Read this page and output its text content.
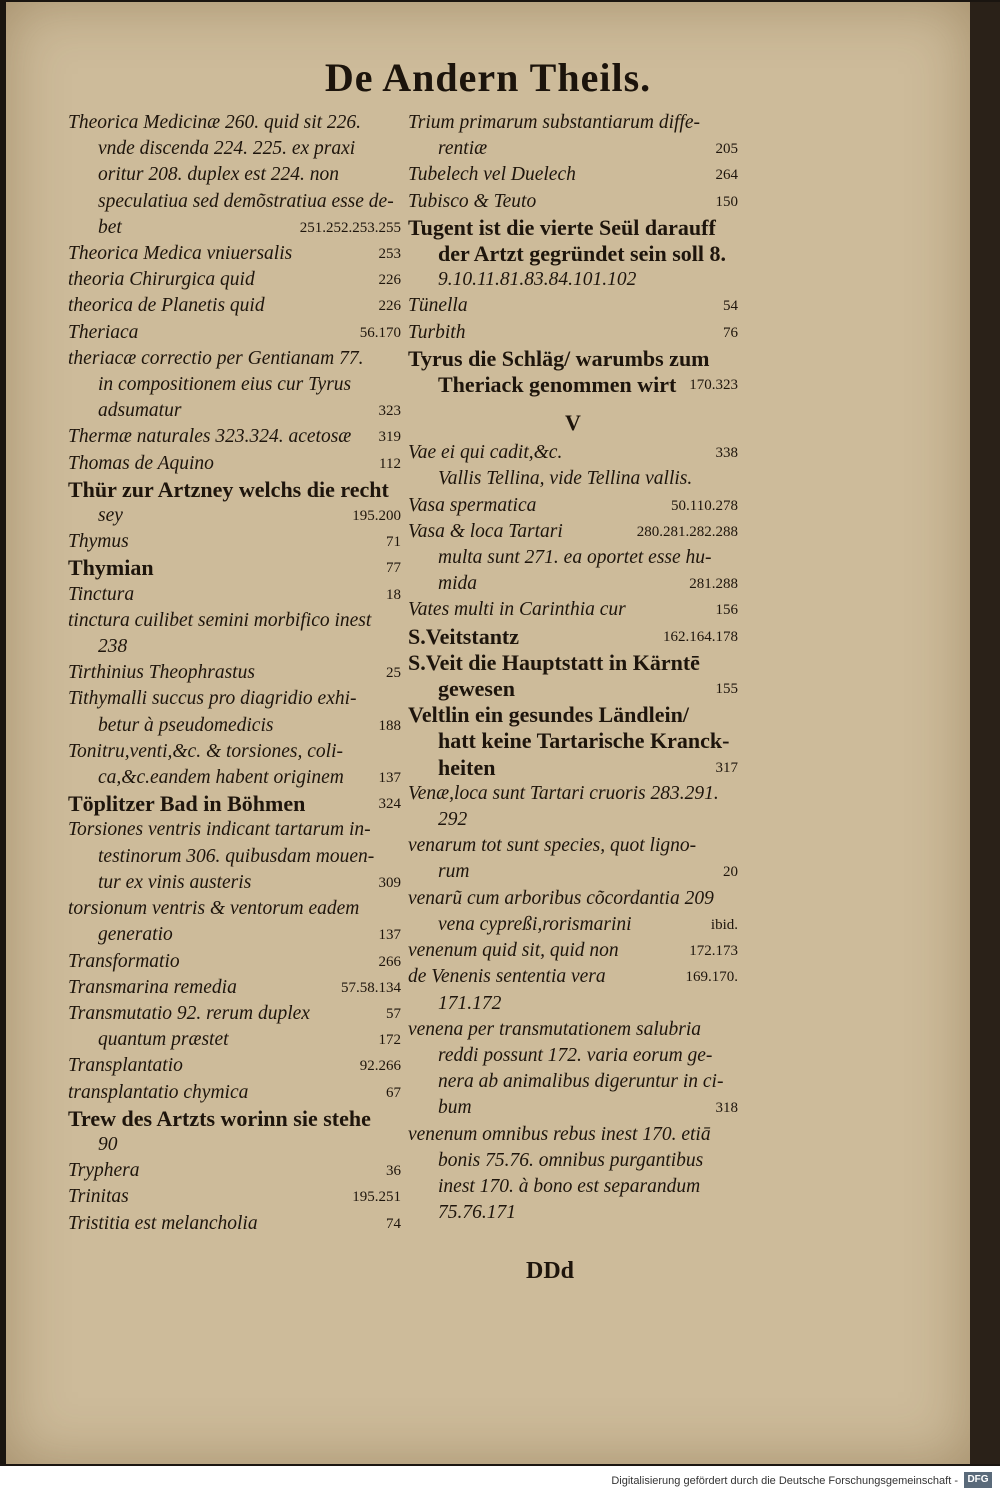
De Andern Theils.
Theorica Medicinæ 260. quid sit 226.
vnde discenda 224. 225. ex praxi
oritur 208. duplex est 224. non
speculatiua sed demõstratiua esse de-
bet	251.252.253.255
Theorica Medica vniuersalis	253
theoria Chirurgica quid	226
theorica de Planetis quid	226
Theriaca	56.170
theriacæ correctio per Gentianam 77.
in compositionem eius cur Tyrus
adsumatur	323
Thermæ naturales 323.324. acetosæ	319
Thomas de Aquino	112
Thür zur Artzney welchs die recht
sey	195.200
Thymus	71
Thymian	77
Tinctura	18
tinctura cuilibet semini morbifico inest
238
Tirthinius Theophrastus	25
Tithymalli succus pro diagridio exhi-
betur à pseudomedicis	188
Tonitru,venti,&c. & torsiones, coli-
ca,&c.eandem habent originem	137
Töplitzer Bad in Böhmen	324
Torsiones ventris indicant tartarum in-
testinorum 306. quibusdam mouen-
tur ex vinis austeris	309
torsionum ventris & ventorum eadem
generatio	137
Transformatio	266
Transmarina remedia	57.58.134
Transmutatio 92. rerum duplex	57
quantum præstet	172
Transplantatio	92.266
transplantatio chymica	67
Trew des Artzts worinn sie stehe
90
Tryphera	36
Trinitas	195.251
Tristitia est melancholia	74
Trium primarum substantiarum diffe-
rentiæ	205
Tubelech vel Duelech	264
Tubisco & Teuto	150
Tugent ist die vierte Seül darauff
der Artzt gegründet sein soll 8.
9.10.11.81.83.84.101.102
Tünella	54
Turbith	76
Tyrus die Schläg/ warumbs zum
Theriack genommen wirt 170.323
V
Vae ei qui cadit,&c.	338
Vallis Tellina, vide Tellina vallis.
Vasa spermatica	50.110.278
Vasa & loca Tartari	280.281.282.288
multa sunt 271. ea oportet esse hu-
mida	281.288
Vates multi in Carinthia cur	156
S.Veitstantz	162.164.178
S.Veit die Hauptstatt in Kärntē
gewesen	155
Veltlin ein gesundes Ländlein/
hatt keine Tartarische Kranck-
heiten	317
Venæ,loca sunt Tartari cruoris 283.291.
292
venarum tot sunt species, quot ligno-
rum	20
venarũ cum arboribus cõcordantia 209
vena cypreßi,rorismarini	ibid.
venenum quid sit, quid non	172.173
de Venenis sententia vera	169.170.
171.172
venena per transmutationem salubria
reddi possunt 172. varia eorum ge-
nera ab animalibus digeruntur in ci-
bum	318
venenum omnibus rebus inest 170. etiā
bonis 75.76. omnibus purgantibus
inest 170. à bono est separandum
75.76.171
DDd
Digitalisierung gefördert durch die Deutsche Forschungsgemeinschaft - DFG
